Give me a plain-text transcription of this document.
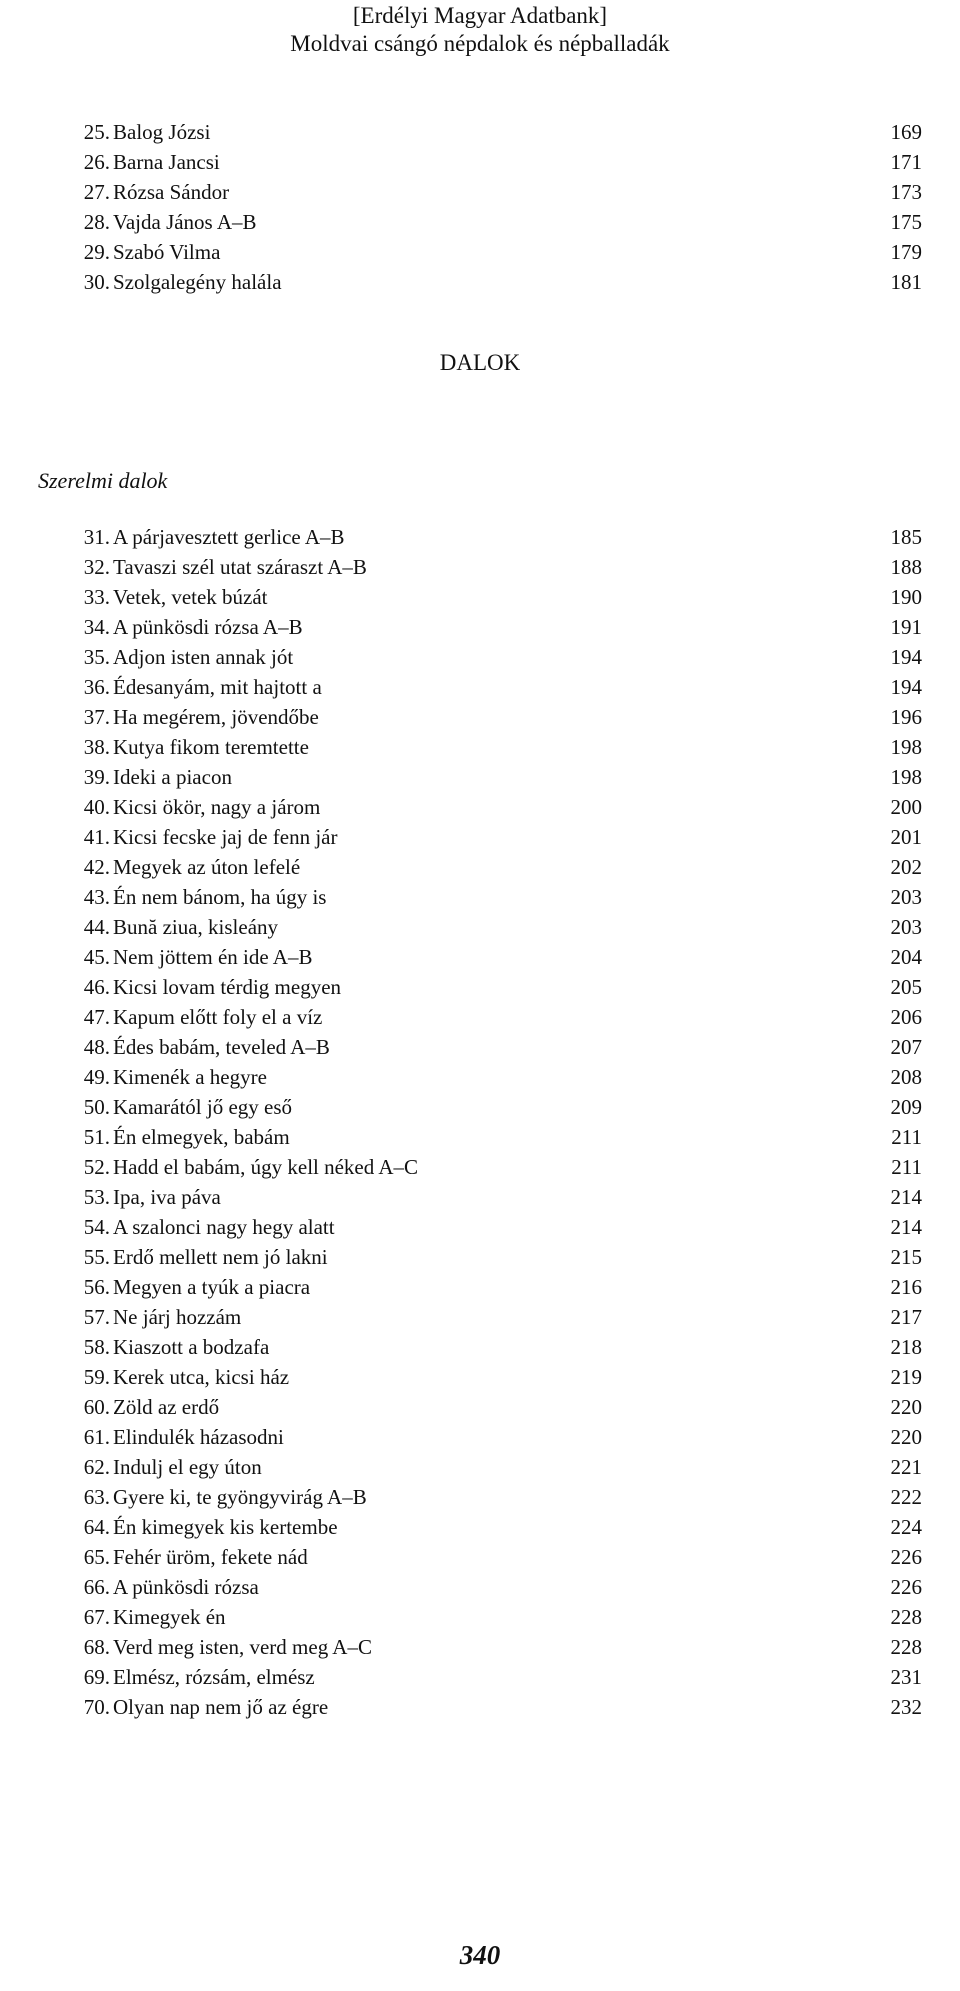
[Erdélyi Magyar Adatbank]
Moldvai csángó népdalok és népballadák
25. Balog Józsi	169
26. Barna Jancsi	171
27. Rózsa Sándor	173
28. Vajda János A–B	175
29. Szabó Vilma	179
30. Szolgalegény halála	181
DALOK
Szerelmi dalok
31. A párjavesztett gerlice A–B	185
32. Tavaszi szél utat száraszt A–B	188
33. Vetek, vetek búzát	190
34. A pünkösdi rózsa A–B	191
35. Adjon isten annak jót	194
36. Édesanyám, mit hajtott a	194
37. Ha megérem, jövendőbe	196
38. Kutya fikom teremtette	198
39. Ideki a piacon	198
40. Kicsi ökör, nagy a járom	200
41. Kicsi fecske jaj de fenn jár	201
42. Megyek az úton lefelé	202
43. Én nem bánom, ha úgy is	203
44. Bună ziua, kisleány	203
45. Nem jöttem én ide A–B	204
46. Kicsi lovam térdig megyen	205
47. Kapum előtt foly el a víz	206
48. Édes babám, teveled A–B	207
49. Kimenék a hegyre	208
50. Kamarától jő egy eső	209
51. Én elmegyek, babám	211
52. Hadd el babám, úgy kell néked A–C	211
53. Ipa, iva páva	214
54. A szalonci nagy hegy alatt	214
55. Erdő mellett nem jó lakni	215
56. Megyen a tyúk a piacra	216
57. Ne járj hozzám	217
58. Kiaszott a bodzafa	218
59. Kerek utca, kicsi ház	219
60. Zöld az erdő	220
61. Elindulék házasodni	220
62. Indulj el egy úton	221
63. Gyere ki, te gyöngyvirág A–B	222
64. Én kimegyek kis kertembe	224
65. Fehér üröm, fekete nád	226
66. A pünkösdi rózsa	226
67. Kimegyek én	228
68. Verd meg isten, verd meg A–C	228
69. Elmész, rózsám, elmész	231
70. Olyan nap nem jő az égre	232
340
